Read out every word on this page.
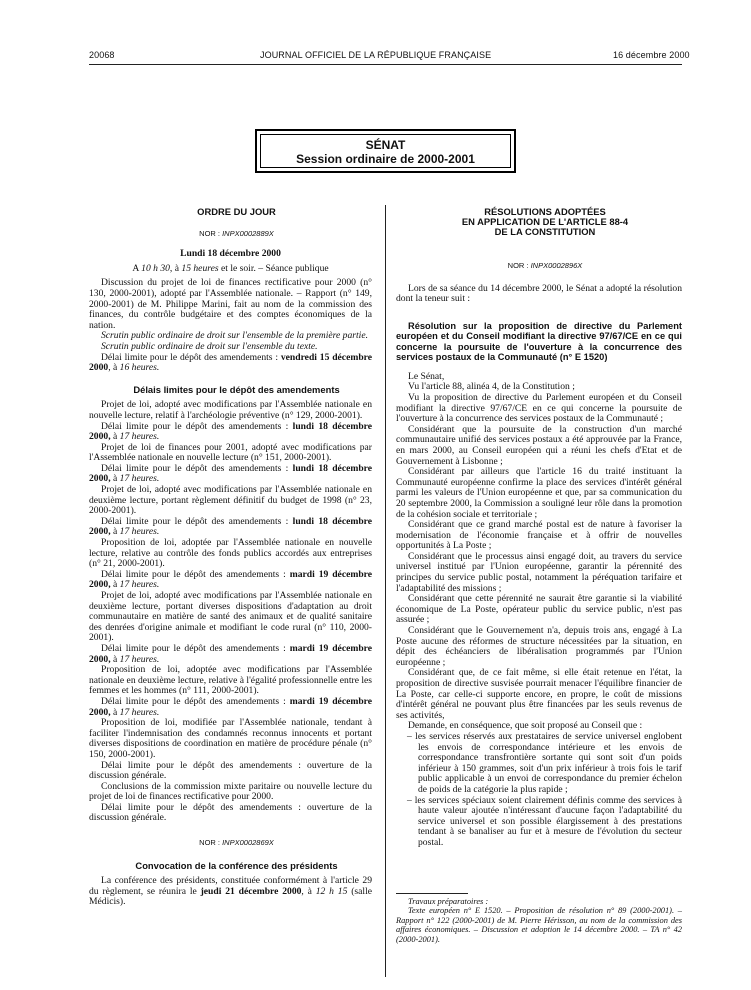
20068	JOURNAL OFFICIEL DE LA RÉPUBLIQUE FRANÇAISE	16 décembre 2000
SÉNAT
Session ordinaire de 2000-2001

ORDRE DU JOUR

NOR : INPX0002889X

Lundi 18 décembre 2000

A 10 h 30, à 15 heures et le soir. – Séance publique

Discussion du projet de loi de finances rectificative pour 2000 (n° 130, 2000-2001), adopté par l'Assemblée nationale. – Rapport (n° 149, 2000-2001) de M. Philippe Marini, fait au nom de la commission des finances, du contrôle budgétaire et des comptes économiques de la nation.

Scrutin public ordinaire de droit sur l'ensemble de la première partie.

Scrutin public ordinaire de droit sur l'ensemble du texte.

Délai limite pour le dépôt des amendements : vendredi 15 décembre 2000, à 16 heures.

Délais limites pour le dépôt des amendements

Projet de loi, adopté avec modifications par l'Assemblée nationale en nouvelle lecture, relatif à l'archéologie préventive (n° 129, 2000-2001).

Délai limite pour le dépôt des amendements : lundi 18 décembre 2000, à 17 heures.

Projet de loi de finances pour 2001, adopté avec modifications par l'Assemblée nationale en nouvelle lecture (n° 151, 2000-2001).

Délai limite pour le dépôt des amendements : lundi 18 décembre 2000, à 17 heures.

Projet de loi, adopté avec modifications par l'Assemblée nationale en deuxième lecture, portant règlement définitif du budget de 1998 (n° 23, 2000-2001).

Délai limite pour le dépôt des amendements : lundi 18 décembre 2000, à 17 heures.

Proposition de loi, adoptée par l'Assemblée nationale en nouvelle lecture, relative au contrôle des fonds publics accordés aux entreprises (n° 21, 2000-2001).

Délai limite pour le dépôt des amendements : mardi 19 décembre 2000, à 17 heures.

Projet de loi, adopté avec modifications par l'Assemblée nationale en deuxième lecture, portant diverses dispositions d'adaptation au droit communautaire en matière de santé des animaux et de qualité sanitaire des denrées d'origine animale et modifiant le code rural (n° 110, 2000-2001).

Délai limite pour le dépôt des amendements : mardi 19 décembre 2000, à 17 heures.

Proposition de loi, adoptée avec modifications par l'Assemblée nationale en deuxième lecture, relative à l'égalité professionnelle entre les femmes et les hommes (n° 111, 2000-2001).

Délai limite pour le dépôt des amendements : mardi 19 décembre 2000, à 17 heures.

Proposition de loi, modifiée par l'Assemblée nationale, tendant à faciliter l'indemnisation des condamnés reconnus innocents et portant diverses dispositions de coordination en matière de procédure pénale (n° 150, 2000-2001).

Délai limite pour le dépôt des amendements : ouverture de la discussion générale.

Conclusions de la commission mixte paritaire ou nouvelle lecture du projet de loi de finances rectificative pour 2000.

Délai limite pour le dépôt des amendements : ouverture de la discussion générale.

NOR : INPX0002869X

Convocation de la conférence des présidents

La conférence des présidents, constituée conformément à l'article 29 du règlement, se réunira le jeudi 21 décembre 2000, à 12 h 15 (salle Médicis).

RÉSOLUTIONS ADOPTÉES

EN APPLICATION DE L'ARTICLE 88-4

DE LA CONSTITUTION

NOR : INPX0002896X

Lors de sa séance du 14 décembre 2000, le Sénat a adopté la résolution dont la teneur suit :

Résolution sur la proposition de directive du Parlement européen et du Conseil modifiant la directive 97/67/CE en ce qui concerne la poursuite de l'ouverture à la concurrence des services postaux de la Communauté (n° E 1520)

Le Sénat,

Vu l'article 88, alinéa 4, de la Constitution ;

Vu la proposition de directive du Parlement européen et du Conseil modifiant la directive 97/67/CE en ce qui concerne la poursuite de l'ouverture à la concurrence des services postaux de la Communauté ;

Considérant que la poursuite de la construction d'un marché communautaire unifié des services postaux a été approuvée par la France, en mars 2000, au Conseil européen qui a réuni les chefs d'Etat et de Gouvernement à Lisbonne ;

Considérant par ailleurs que l'article 16 du traité instituant la Communauté européenne confirme la place des services d'intérêt général parmi les valeurs de l'Union européenne et que, par sa communication du 20 septembre 2000, la Commission a souligné leur rôle dans la promotion de la cohésion sociale et territoriale ;

Considérant que ce grand marché postal est de nature à favoriser la modernisation de l'économie française et à offrir de nouvelles opportunités à La Poste ;

Considérant que le processus ainsi engagé doit, au travers du service universel institué par l'Union européenne, garantir la pérennité des principes du service public postal, notamment la péréquation tarifaire et l'adaptabilité des missions ;

Considérant que cette pérennité ne saurait être garantie si la viabilité économique de La Poste, opérateur public du service public, n'est pas assurée ;

Considérant que le Gouvernement n'a, depuis trois ans, engagé à La Poste aucune des réformes de structure nécessitées par la situation, en dépit des échéanciers de libéralisation programmés par l'Union européenne ;

Considérant que, de ce fait même, si elle était retenue en l'état, la proposition de directive susvisée pourrait menacer l'équilibre financier de La Poste, car celle-ci supporte encore, en propre, le coût de missions d'intérêt général ne pouvant plus être financées par les seuls revenus de ses activités,

Demande, en conséquence, que soit proposé au Conseil que :

– les services réservés aux prestataires de service universel englobent les envois de correspondance intérieure et les envois de correspondance transfrontière sortante qui sont soit d'un poids inférieur à 150 grammes, soit d'un prix inférieur à trois fois le tarif public applicable à un envoi de correspondance du premier échelon de poids de la catégorie la plus rapide ;

– les services spéciaux soient clairement définis comme des services à haute valeur ajoutée n'intéressant d'aucune façon l'adaptabilité du service universel et son possible élargissement à des prestations tendant à se banaliser au fur et à mesure de l'évolution du secteur postal.

Travaux préparatoires :

Texte européen n° E 1520. – Proposition de résolution n° 89 (2000-2001). – Rapport n° 122 (2000-2001) de M. Pierre Hérisson, au nom de la commission des affaires économiques. – Discussion et adoption le 14 décembre 2000. – TA n° 42 (2000-2001).
